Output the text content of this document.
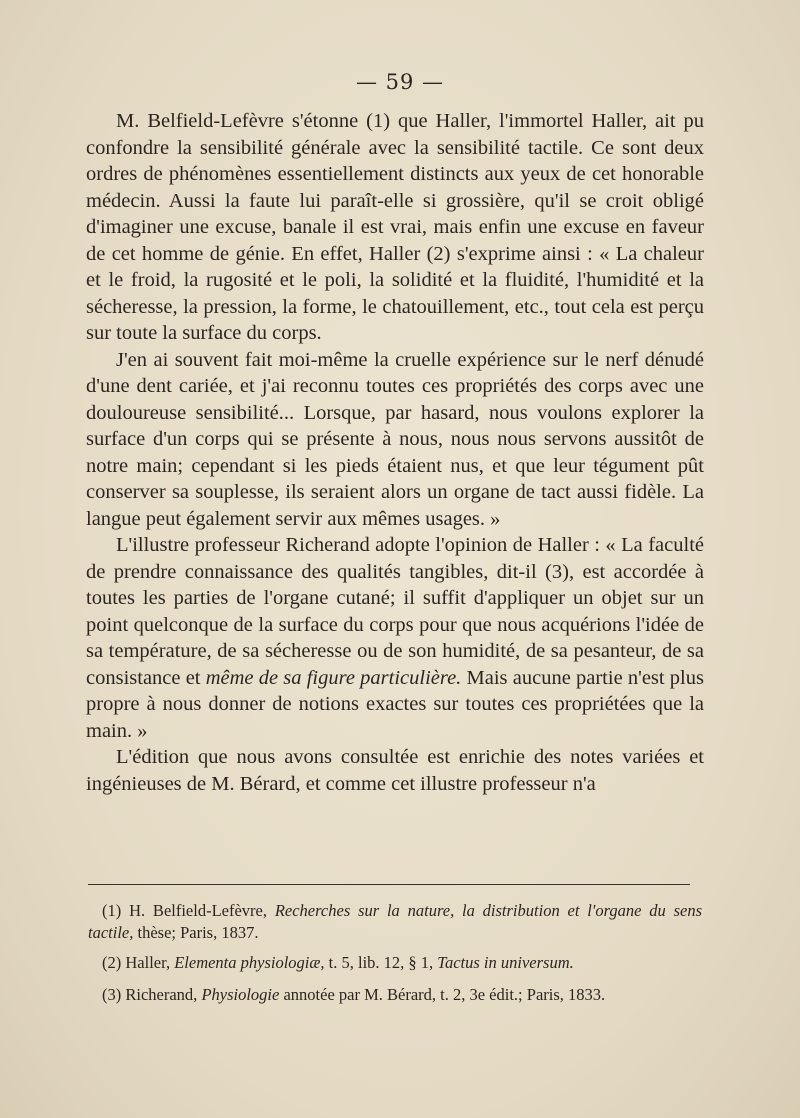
— 59 —

M. Belfield-Lefèvre s'étonne (1) que Haller, l'immortel Haller, ait pu confondre la sensibilité générale avec la sensibilité tactile. Ce sont deux ordres de phénomènes essentiellement distincts aux yeux de cet honorable médecin. Aussi la faute lui paraît-elle si grossière, qu'il se croit obligé d'imaginer une excuse, banale il est vrai, mais enfin une excuse en faveur de cet homme de génie. En effet, Haller (2) s'exprime ainsi : « La chaleur et le froid, la rugosité et le poli, la solidité et la fluidité, l'humidité et la sécheresse, la pression, la forme, le chatouillement, etc., tout cela est perçu sur toute la surface du corps.

J'en ai souvent fait moi-même la cruelle expérience sur le nerf dénudé d'une dent cariée, et j'ai reconnu toutes ces propriétés des corps avec une douloureuse sensibilité... Lorsque, par hasard, nous voulons explorer la surface d'un corps qui se présente à nous, nous nous servons aussitôt de notre main; cependant si les pieds étaient nus, et que leur tégument pût conserver sa souplesse, ils seraient alors un organe de tact aussi fidèle. La langue peut également servir aux mêmes usages. »

L'illustre professeur Richerand adopte l'opinion de Haller : « La faculté de prendre connaissance des qualités tangibles, dit-il (3), est accordée à toutes les parties de l'organe cutané; il suffit d'appliquer un objet sur un point quelconque de la surface du corps pour que nous acquérions l'idée de sa température, de sa sécheresse ou de son humidité, de sa pesanteur, de sa consistance et même de sa figure particulière. Mais aucune partie n'est plus propre à nous donner de notions exactes sur toutes ces propriétées que la main. »

L'édition que nous avons consultée est enrichie des notes variées et ingénieuses de M. Bérard, et comme cet illustre professeur n'a

(1) H. Belfield-Lefèvre, Recherches sur la nature, la distribution et l'organe du sens tactile, thèse; Paris, 1837.

(2) Haller, Elementa physiologiæ, t. 5, lib. 12, § 1, Tactus in universum.

(3) Richerand, Physiologie annotée par M. Bérard, t. 2, 3e édit.; Paris, 1833.
